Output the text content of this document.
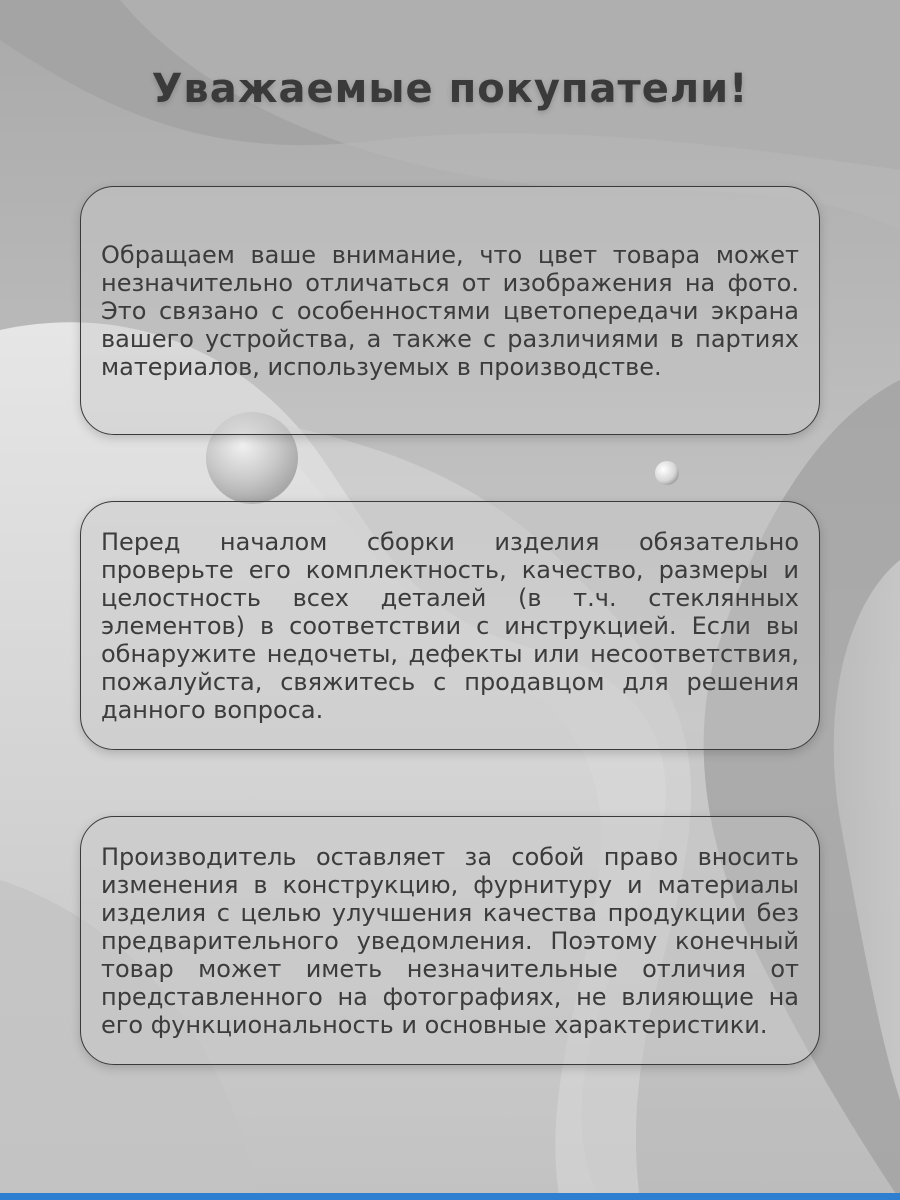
Уважаемые покупатели!

Обращаем ваше внимание, что цвет товара может незначительно отличаться от изображения на фото. Это связано с особенностями цветопередачи экрана вашего устройства, а также с различиями в партиях материалов, используемых в производстве.

Перед началом сборки изделия обязательно проверьте его комплектность, качество, размеры и целостность всех деталей (в т.ч. стеклянных элементов) в соответствии с инструкцией. Если вы обнаружите недочеты, дефекты или несоответствия, пожалуйста, свяжитесь с продавцом для решения данного вопроса.

Производитель оставляет за собой право вносить изменения в конструкцию, фурнитуру и материалы изделия с целью улучшения качества продукции без предварительного уведомления. Поэтому конечный товар может иметь незначительные отличия от представленного на фотографиях, не влияющие на его функциональность и основные характеристики.
